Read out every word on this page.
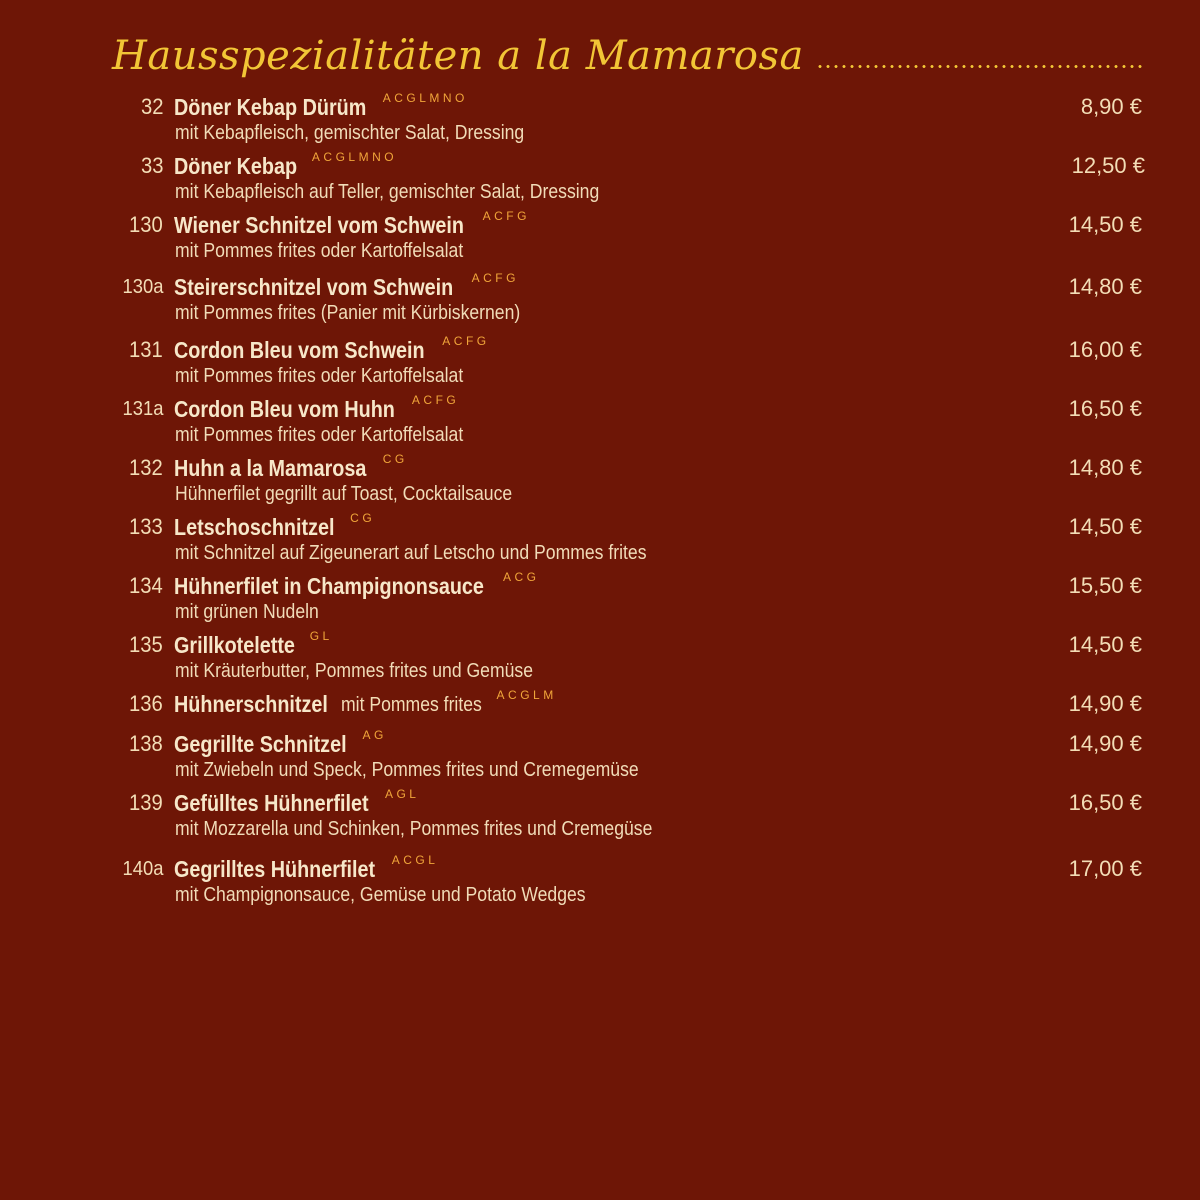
Hausspezialitäten a la Mamarosa
32 Döner Kebap Dürüm ACGLMNO
mit Kebapfleisch, gemischter Salat, Dressing
8,90 €
33 Döner Kebap ACGLMNO
mit Kebapfleisch auf Teller, gemischter Salat, Dressing
12,50 €
130 Wiener Schnitzel vom Schwein ACFG
mit Pommes frites oder Kartoffelsalat
14,50 €
130a Steirerschnitzel vom Schwein ACFG
mit Pommes frites (Panier mit Kürbiskernen)
14,80 €
131 Cordon Bleu vom Schwein ACFG
mit Pommes frites oder Kartoffelsalat
16,00 €
131a Cordon Bleu vom Huhn ACFG
mit Pommes frites oder Kartoffelsalat
16,50 €
132 Huhn a la Mamarosa CG
Hühnerfilet gegrillt auf Toast, Cocktailsauce
14,80 €
133 Letschoschnitzel CG
mit Schnitzel auf Zigeunerart auf Letscho und Pommes frites
14,50 €
134 Hühnerfilet in Champignonsauce ACG
mit grünen Nudeln
15,50 €
135 Grillkotelette GL
mit Kräuterbutter, Pommes frites und Gemüse
14,50 €
136 Hühnerschnitzel mit Pommes frites ACGLM	14,90 €
138 Gegrillte Schnitzel AG
mit Zwiebeln und Speck, Pommes frites und Cremegemüse
14,90 €
139 Gefülltes Hühnerfilet AGL
mit Mozzarella und Schinken, Pommes frites und Cremegüse
16,50 €
140a Gegrilltes Hühnerfilet ACGL
mit Champignonsauce, Gemüse und Potato Wedges
17,00 €
